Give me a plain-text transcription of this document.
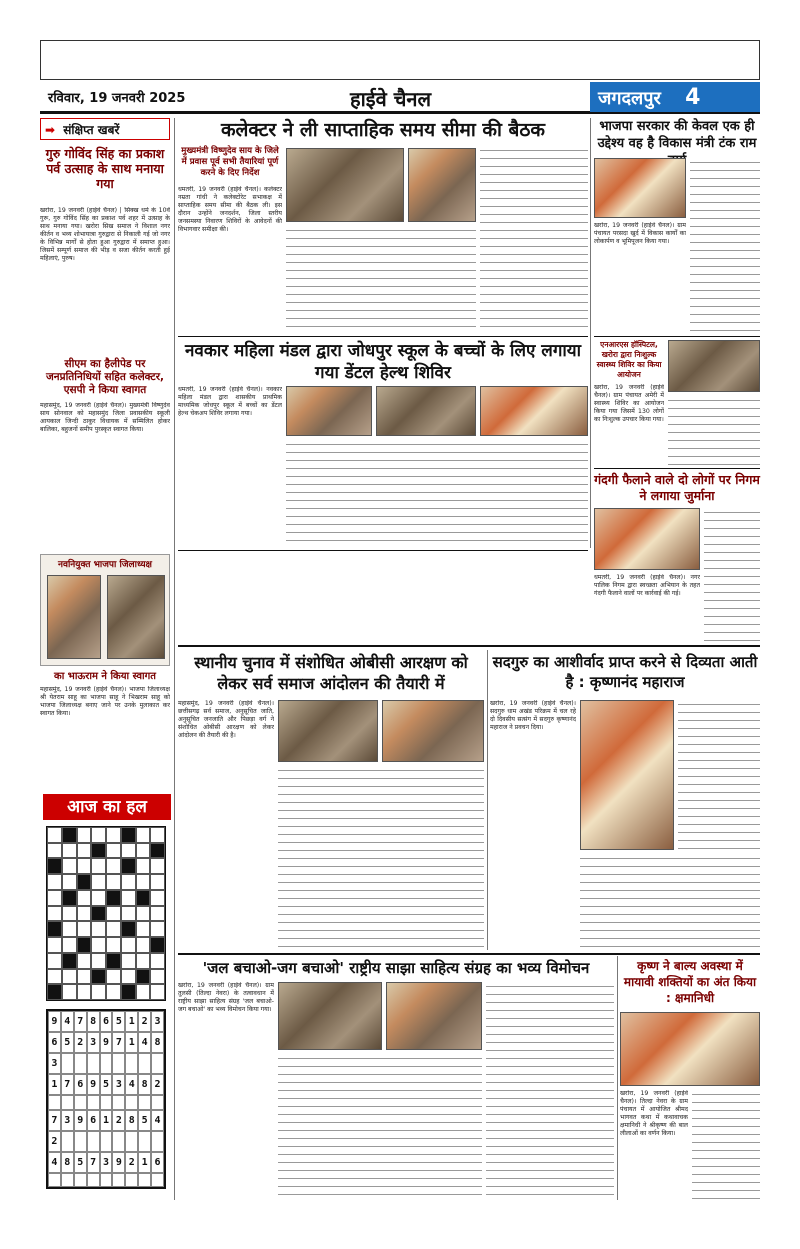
रविवार, 19 जनवरी 2025	हाईवे चैनल	जगदलपुर 4
➡ संक्षिप्त खबरें
गुरु गोविंद सिंह का प्रकाश पर्व उत्साह के साथ मनाया गया
खरोरा, 19 जनवरी (हाईवे चैनल) | सिक्ख धर्म के 10वें गुरू, गुरु गोविंद सिंह का प्रकाश पर्व शहर में उत्साह के साथ मनाया गया। खरोरा सिख समाज ने विशाल नगर कीर्तन व भव्य शोभायात्रा गुरुद्वारा से निकाली गई जो नगर के विभिन्न मार्गों से होता हुआ गुरुद्वारा में समाप्त हुआ। जिसमें सम्पूर्ण समाज की भीड़ व सजा कीर्तन करती हुई महिलाएं, पुरुष।
सीएम का हैलीपेड पर जनप्रतिनिधियों सहित कलेक्टर, एसपी ने किया स्वागत
महासमुंद, 19 जनवरी (हाईवे चैनल)। मुख्यमंत्री विष्णुदेव साय सोनवाल को महासमुंद जिला प्रवासकीय स्कूली आयकाल जिन्दी ठाकुर विधायक में सम्मिलित होकर बालिका, बहुजनों समीप पुरस्कृत स्वागत किया।
नवनियुक्त भाजपा जिलाध्यक्ष
का भाऊराम ने किया स्वागत
महासमुंद, 19 जनवरी (हाईवे चैनल)। भाजपा जिलाध्यक्ष श्री येतराम साहू का भाजपा साहू ने भिखराम साहू को भाजपा जिलाध्यक्ष बनाए जाने पर उनके मुलाकात कर स्वागत किया।
आज का हल
9 4 7 8 6 5 1 2 3
6 5 2 3 9 7 1 4 8
3
1 7 6 9 5 3 4 8 2
7 3 9 6 1 2 8 5 4
2
4 8 5 7 3 9 2 1 6
कलेक्टर ने ली साप्ताहिक समय सीमा की बैठक
मुख्यमंत्री विष्णुदेव साय के जिले में प्रवास पूर्व सभी तैयारियां पूर्ण करने के दिए निर्देश
धमतरी, 19 जनवरी (हाईवे चैनल)। कलेक्टर नम्रता गांधी ने कलेक्टोरेट सभाकक्ष में साप्ताहिक समय सीमा की बैठक ली। इस दौरान उन्होंने जनदर्शन, जिला स्तरीय जनसमस्या निवारण शिविरों के आवेदनों की विभागवार समीक्षा की।
भाजपा सरकार की केवल एक ही उद्देश्य वह है विकास मंत्री टंक राम
खरोरा, 19 जनवरी (हाईवे चैनल)। ग्राम पंचायत परसदा खुर्द में विकास कार्यों का लोकार्पण व भूमिपूजन किया गया।
नवकार महिला मंडल द्वारा जोधपुर स्कूल के बच्चों के लिए लगाया गया डेंटल हेल्थ शिविर
धमतरी, 19 जनवरी (हाईवे चैनल)। नवकार महिला मंडल द्वारा शासकीय प्राथमिक माध्यमिक जोधपुर स्कूल में बच्चों का डेंटल हेल्थ चेकअप शिविर लगाया गया।
एनआरएस हॉस्पिटल, खरोरा द्वारा निःशुल्क स्वास्थ्य शिविर का किया आयोजन
खरोरा, 19 जनवरी (हाईवे चैनल)। ग्राम पंचायत अमेरी में स्वास्थ्य शिविर का आयोजन किया गया जिसमें 130 लोगों का निःशुल्क उपचार किया गया।
गंदगी फैलाने वाले दो लोगों पर निगम ने लगाया जुर्माना
धमतरी, 19 जनवरी (हाईवे चैनल)। नगर पालिक निगम द्वारा स्वच्छता अभियान के तहत गंदगी फैलाने वालों पर कार्रवाई की गई।
स्थानीय चुनाव में संशोधित ओबीसी आरक्षण को लेकर सर्व समाज आंदोलन की तैयारी में
महासमुंद, 19 जनवरी (हाईवे चैनल)। छत्तीसगढ़ सर्व समाज, अनुसूचित जाति, अनुसूचित जनजाति और पिछड़ा वर्ग ने संशोधित ओबीसी आरक्षण को लेकर आंदोलन की तैयारी की है।
सदगुरु का आशीर्वाद प्राप्त करने से दिव्यता आती है : कृष्णानंद महाराज
खरोरा, 19 जनवरी (हाईवे चैनल)। सदगुरु धाम अखंड परिक्रम में चल रहे दो दिवसीय सत्संग में सदगुरु कृष्णानंद महाराज ने प्रवचन दिया।
'जल बचाओ-जग बचाओ' राष्ट्रीय साझा साहित्य संग्रह का भव्य विमोचन
खरोरा, 19 जनवरी (हाईवे चैनल)। ग्राम तुलसी (तिल्दा नेवरा) के तत्वावधान में राष्ट्रीय साझा साहित्य संग्रह 'जल बचाओ-जग बचाओ' का भव्य विमोचन किया गया।
कृष्ण ने बाल्य अवस्था में मायावी शक्तियों का अंत किया : क्षमानिधी
खरोरा, 19 जनवरी (हाईवे चैनल)। तिल्दा नेवरा के ग्राम पंचायत में आयोजित श्रीमद भागवत कथा में कथावाचक क्षमानिधी ने श्रीकृष्ण की बाल लीलाओं का वर्णन किया।
